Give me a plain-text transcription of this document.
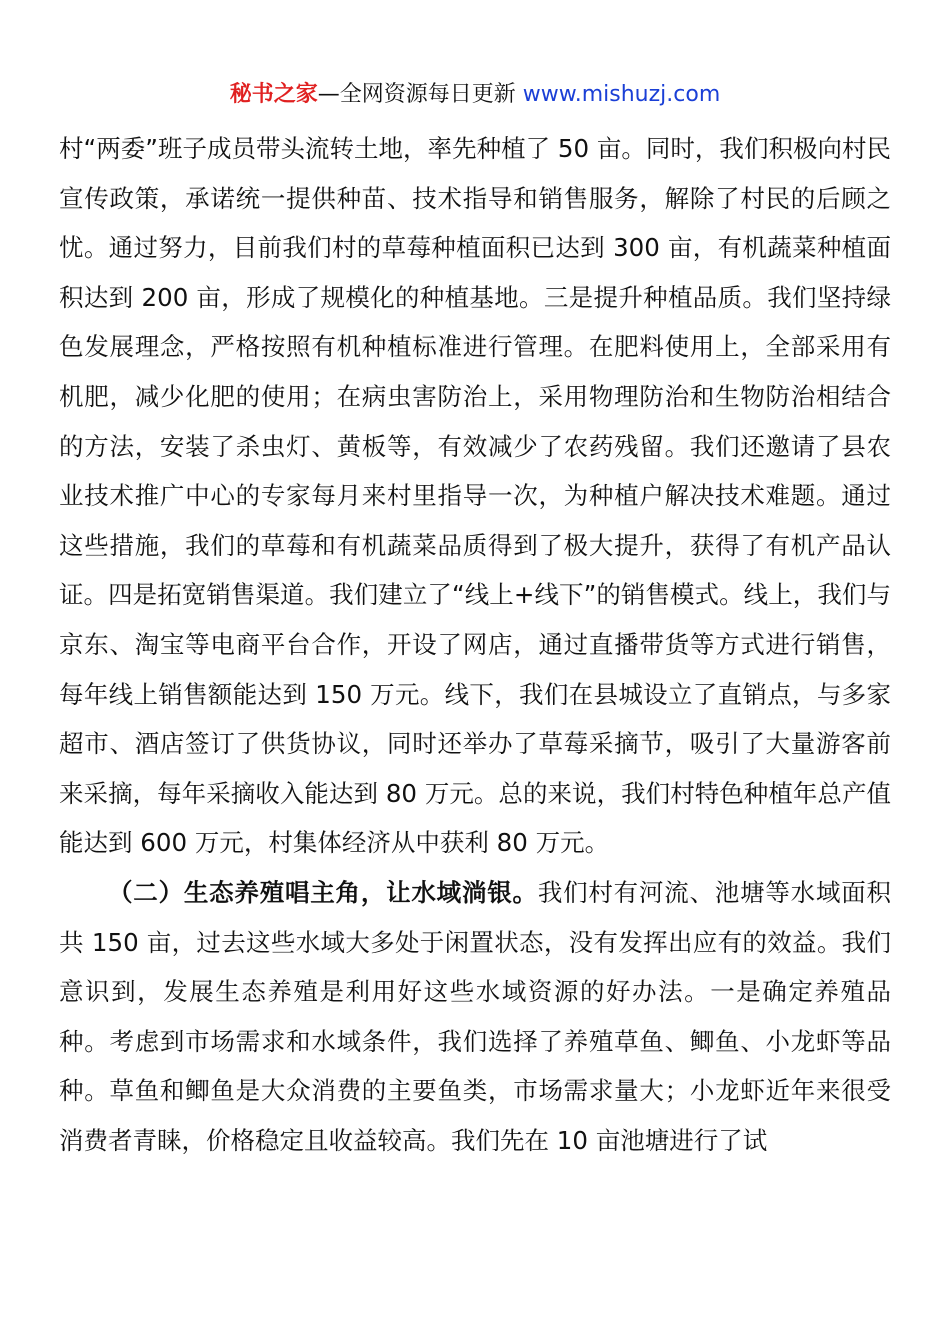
秘书之家—全网资源每日更新 www.mishuzj.com

村“两委”班子成员带头流转土地，率先种植了 50 亩。同时，我们积极向村民宣传政策，承诺统一提供种苗、技术指导和销售服务，解除了村民的后顾之忧。通过努力，目前我们村的草莓种植面积已达到 300 亩，有机蔬菜种植面积达到 200 亩，形成了规模化的种植基地。三是提升种植品质。我们坚持绿色发展理念，严格按照有机种植标准进行管理。在肥料使用上，全部采用有机肥，减少化肥的使用；在病虫害防治上，采用物理防治和生物防治相结合的方法，安装了杀虫灯、黄板等，有效减少了农药残留。我们还邀请了县农业技术推广中心的专家每月来村里指导一次，为种植户解决技术难题。通过这些措施，我们的草莓和有机蔬菜品质得到了极大提升，获得了有机产品认证。四是拓宽销售渠道。我们建立了“线上+线下”的销售模式。线上，我们与京东、淘宝等电商平台合作，开设了网店，通过直播带货等方式进行销售，每年线上销售额能达到 150 万元。线下，我们在县城设立了直销点，与多家超市、酒店签订了供货协议，同时还举办了草莓采摘节，吸引了大量游客前来采摘，每年采摘收入能达到 80 万元。总的来说，我们村特色种植年总产值能达到 600 万元，村集体经济从中获利 80 万元。

（二）生态养殖唱主角，让水域淌银。我们村有河流、池塘等水域面积共 150 亩，过去这些水域大多处于闲置状态，没有发挥出应有的效益。我们意识到，发展生态养殖是利用好这些水域资源的好办法。一是确定养殖品种。考虑到市场需求和水域条件，我们选择了养殖草鱼、鲫鱼、小龙虾等品种。草鱼和鲫鱼是大众消费的主要鱼类，市场需求量大；小龙虾近年来很受消费者青睐，价格稳定且收益较高。我们先在 10 亩池塘进行了试
